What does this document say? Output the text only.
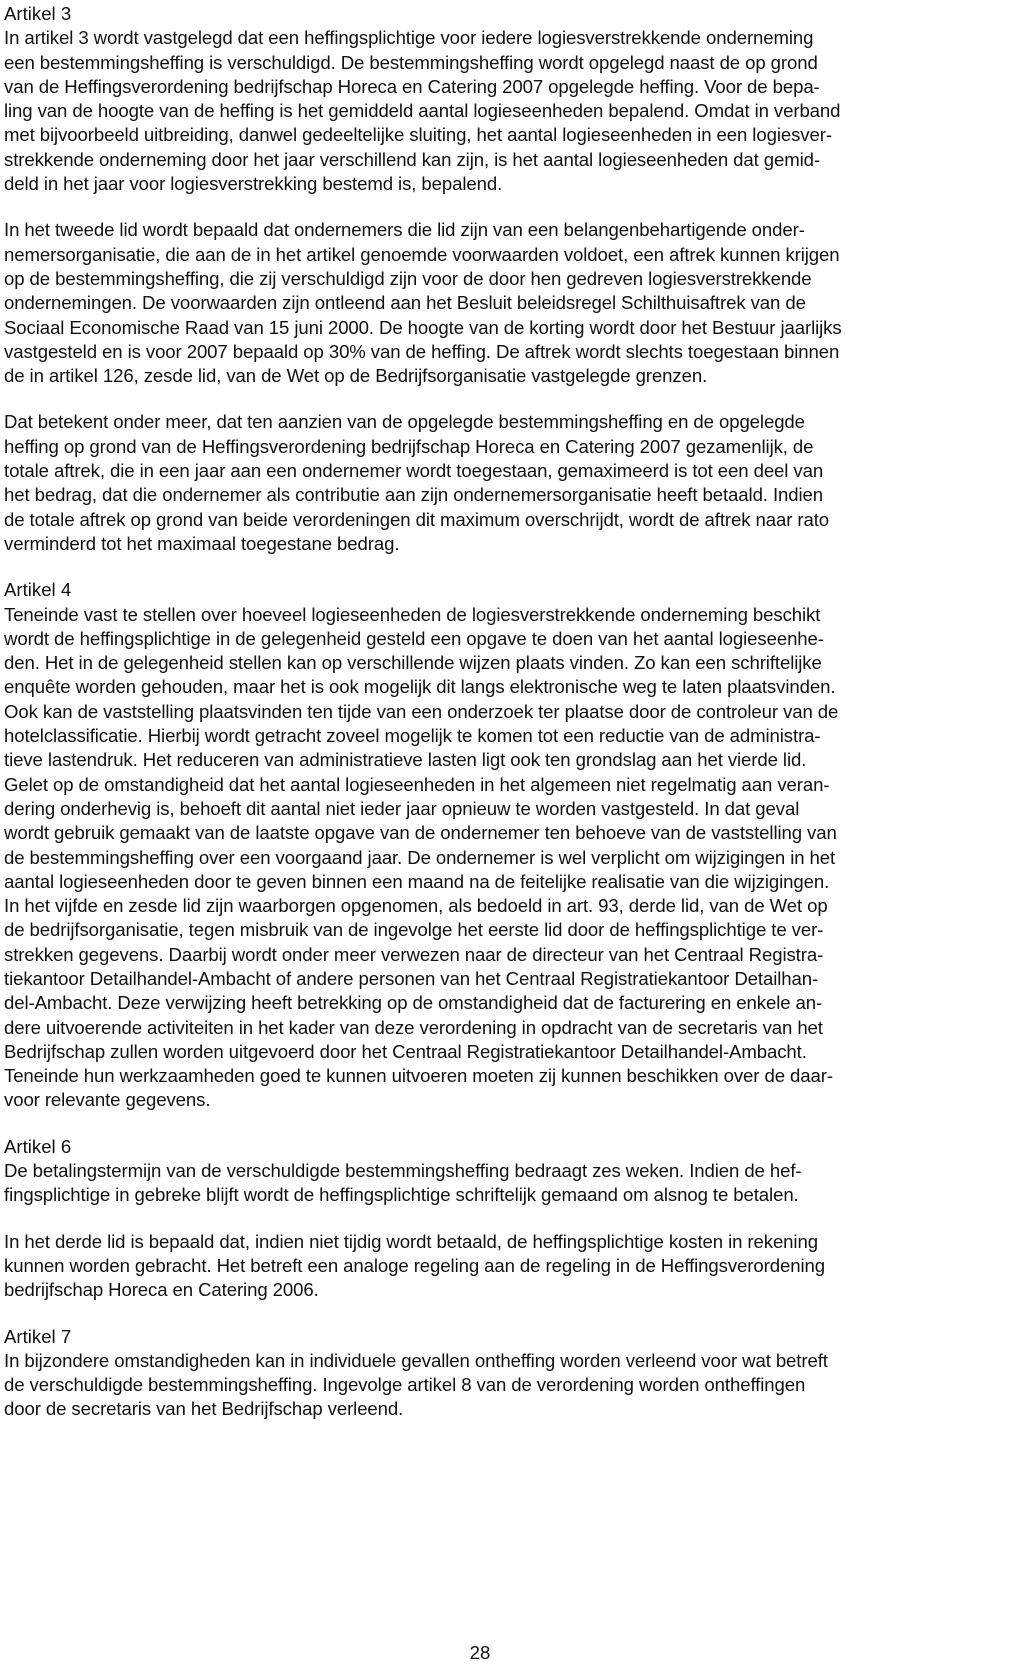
Artikel 3
In artikel 3 wordt vastgelegd dat een heffingsplichtige voor iedere logiesverstrekkende onderneming
een bestemmingsheffing is verschuldigd. De bestemmingsheffing wordt opgelegd naast de op grond
van de Heffingsverordening bedrijfschap Horeca en Catering 2007 opgelegde heffing. Voor de bepa-
ling van de hoogte van de heffing is het gemiddeld aantal logieseenheden bepalend. Omdat in verband
met bijvoorbeeld uitbreiding, danwel gedeeltelijke sluiting, het aantal logieseenheden in een logiesver-
strekkende onderneming door het jaar verschillend kan zijn, is het aantal logieseenheden dat gemid-
deld in het jaar voor logiesverstrekking bestemd is, bepalend.
In het tweede lid wordt bepaald dat ondernemers die lid zijn van een belangenbehartigende onder-
nemersorganisatie, die aan de in het artikel genoemde voorwaarden voldoet, een aftrek kunnen krijgen
op de bestemmingsheffing, die zij verschuldigd zijn voor de door hen gedreven logiesverstrekkende
ondernemingen. De voorwaarden zijn ontleend aan het Besluit beleidsregel Schilthuisaftrek van de
Sociaal Economische Raad van 15 juni 2000. De hoogte van de korting wordt door het Bestuur jaarlijks
vastgesteld en is voor 2007 bepaald op 30% van de heffing. De aftrek wordt slechts toegestaan binnen
de in artikel 126, zesde lid, van de Wet op de Bedrijfsorganisatie vastgelegde grenzen.
Dat betekent onder meer, dat ten aanzien van de opgelegde bestemmingsheffing en de opgelegde
heffing op grond van de Heffingsverordening bedrijfschap Horeca en Catering 2007 gezamenlijk, de
totale aftrek, die in een jaar aan een ondernemer wordt toegestaan, gemaximeerd is tot een deel van
het bedrag, dat die ondernemer als contributie aan zijn ondernemersorganisatie heeft betaald. Indien
de totale aftrek op grond van beide verordeningen dit maximum overschrijdt, wordt de aftrek naar rato
verminderd tot het maximaal toegestane bedrag.
Artikel 4
Teneinde vast te stellen over hoeveel logieseenheden de logiesverstrekkende onderneming beschikt
wordt de heffingsplichtige in de gelegenheid gesteld een opgave te doen van het aantal logieseenhe-
den. Het in de gelegenheid stellen kan op verschillende wijzen plaats vinden. Zo kan een schriftelijke
enquête worden gehouden, maar het is ook mogelijk dit langs elektronische weg te laten plaatsvinden.
Ook kan de vaststelling plaatsvinden ten tijde van een onderzoek ter plaatse door de controleur van de
hotelclassificatie. Hierbij wordt getracht zoveel mogelijk te komen tot een reductie van de administra-
tieve lastendruk. Het reduceren van administratieve lasten ligt ook ten grondslag aan het vierde lid.
Gelet op de omstandigheid dat het aantal logieseenheden in het algemeen niet regelmatig aan veran-
dering onderhevig is, behoeft dit aantal niet ieder jaar opnieuw te worden vastgesteld. In dat geval
wordt gebruik gemaakt van de laatste opgave van de ondernemer ten behoeve van de vaststelling van
de bestemmingsheffing over een voorgaand jaar. De ondernemer is wel verplicht om wijzigingen in het
aantal logieseenheden door te geven binnen een maand na de feitelijke realisatie van die wijzigingen.
In het vijfde en zesde lid zijn waarborgen opgenomen, als bedoeld in art. 93, derde lid, van de Wet op
de bedrijfsorganisatie, tegen misbruik van de ingevolge het eerste lid door de heffingsplichtige te ver-
strekken gegevens. Daarbij wordt onder meer verwezen naar de directeur van het Centraal Registra-
tiekantoor Detailhandel-Ambacht of andere personen van het Centraal Registratiekantoor Detailhan-
del-Ambacht. Deze verwijzing heeft betrekking op de omstandigheid dat de facturering en enkele an-
dere uitvoerende activiteiten in het kader van deze verordening in opdracht van de secretaris van het
Bedrijfschap zullen worden uitgevoerd door het Centraal Registratiekantoor Detailhandel-Ambacht.
Teneinde hun werkzaamheden goed te kunnen uitvoeren moeten zij kunnen beschikken over de daar-
voor relevante gegevens.
Artikel 6
De betalingstermijn van de verschuldigde bestemmingsheffing bedraagt zes weken. Indien de hef-
fingsplichtige in gebreke blijft wordt de heffingsplichtige schriftelijk gemaand om alsnog te betalen.
In het derde lid is bepaald dat, indien niet tijdig wordt betaald, de heffingsplichtige kosten in rekening
kunnen worden gebracht. Het betreft een analoge regeling aan de regeling in de Heffingsverordening
bedrijfschap Horeca en Catering 2006.
Artikel 7
In bijzondere omstandigheden kan in individuele gevallen ontheffing worden verleend voor wat betreft
de verschuldigde bestemmingsheffing. Ingevolge artikel 8 van de verordening worden ontheffingen
door de secretaris van het Bedrijfschap verleend.
28
